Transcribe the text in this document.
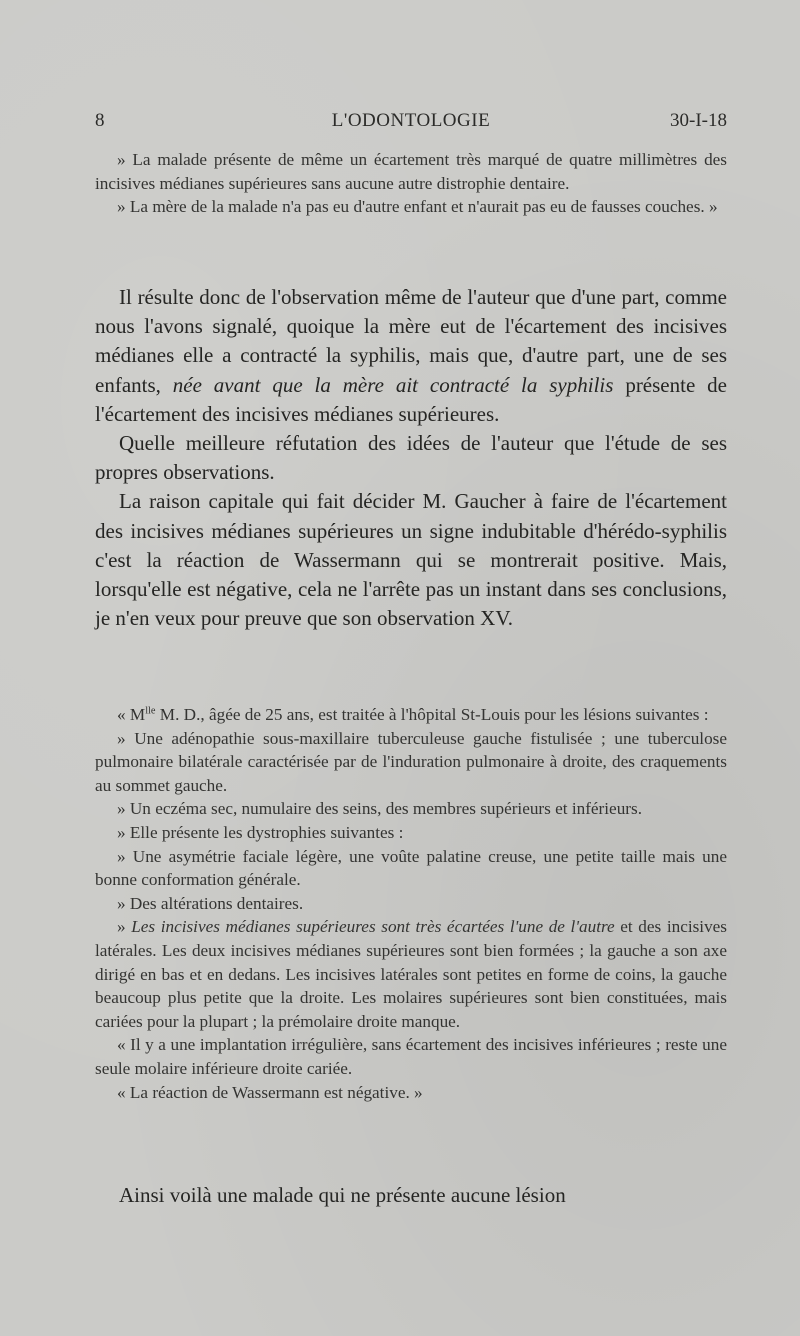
8	L'ODONTOLOGIE	30-I-18

» La malade présente de même un écartement très marqué de quatre millimètres des incisives médianes supérieures sans aucune autre distrophie dentaire.

» La mère de la malade n'a pas eu d'autre enfant et n'aurait pas eu de fausses couches. »

Il résulte donc de l'observation même de l'auteur que d'une part, comme nous l'avons signalé, quoique la mère eut de l'écartement des incisives médianes elle a contracté la syphilis, mais que, d'autre part, une de ses enfants, née avant que la mère ait contracté la syphilis présente de l'écartement des incisives médianes supérieures.

Quelle meilleure réfutation des idées de l'auteur que l'étude de ses propres observations.

La raison capitale qui fait décider M. Gaucher à faire de l'écartement des incisives médianes supérieures un signe indubitable d'hérédo-syphilis c'est la réaction de Wassermann qui se montrerait positive. Mais, lorsqu'elle est négative, cela ne l'arrête pas un instant dans ses conclusions, je n'en veux pour preuve que son observation XV.

« $M^{lle}$ M. D., âgée de 25 ans, est traitée à l'hôpital St-Louis pour les lésions suivantes :

» Une adénopathie sous-maxillaire tuberculeuse gauche fistulisée ; une tuberculose pulmonaire bilatérale caractérisée par de l'induration pulmonaire à droite, des craquements au sommet gauche.

» Un eczéma sec, numulaire des seins, des membres supérieurs et inférieurs.

» Elle présente les dystrophies suivantes :

» Une asymétrie faciale légère, une voûte palatine creuse, une petite taille mais une bonne conformation générale.

» Des altérations dentaires.

» Les incisives médianes supérieures sont très écartées l'une de l'autre et des incisives latérales. Les deux incisives médianes supérieures sont bien formées ; la gauche a son axe dirigé en bas et en dedans. Les incisives latérales sont petites en forme de coins, la gauche beaucoup plus petite que la droite. Les molaires supérieures sont bien constituées, mais cariées pour la plupart ; la prémolaire droite manque.

« Il y a une implantation irrégulière, sans écartement des incisives inférieures ; reste une seule molaire inférieure droite cariée.

« La réaction de Wassermann est négative. »

Ainsi voilà une malade qui ne présente aucune lésion
